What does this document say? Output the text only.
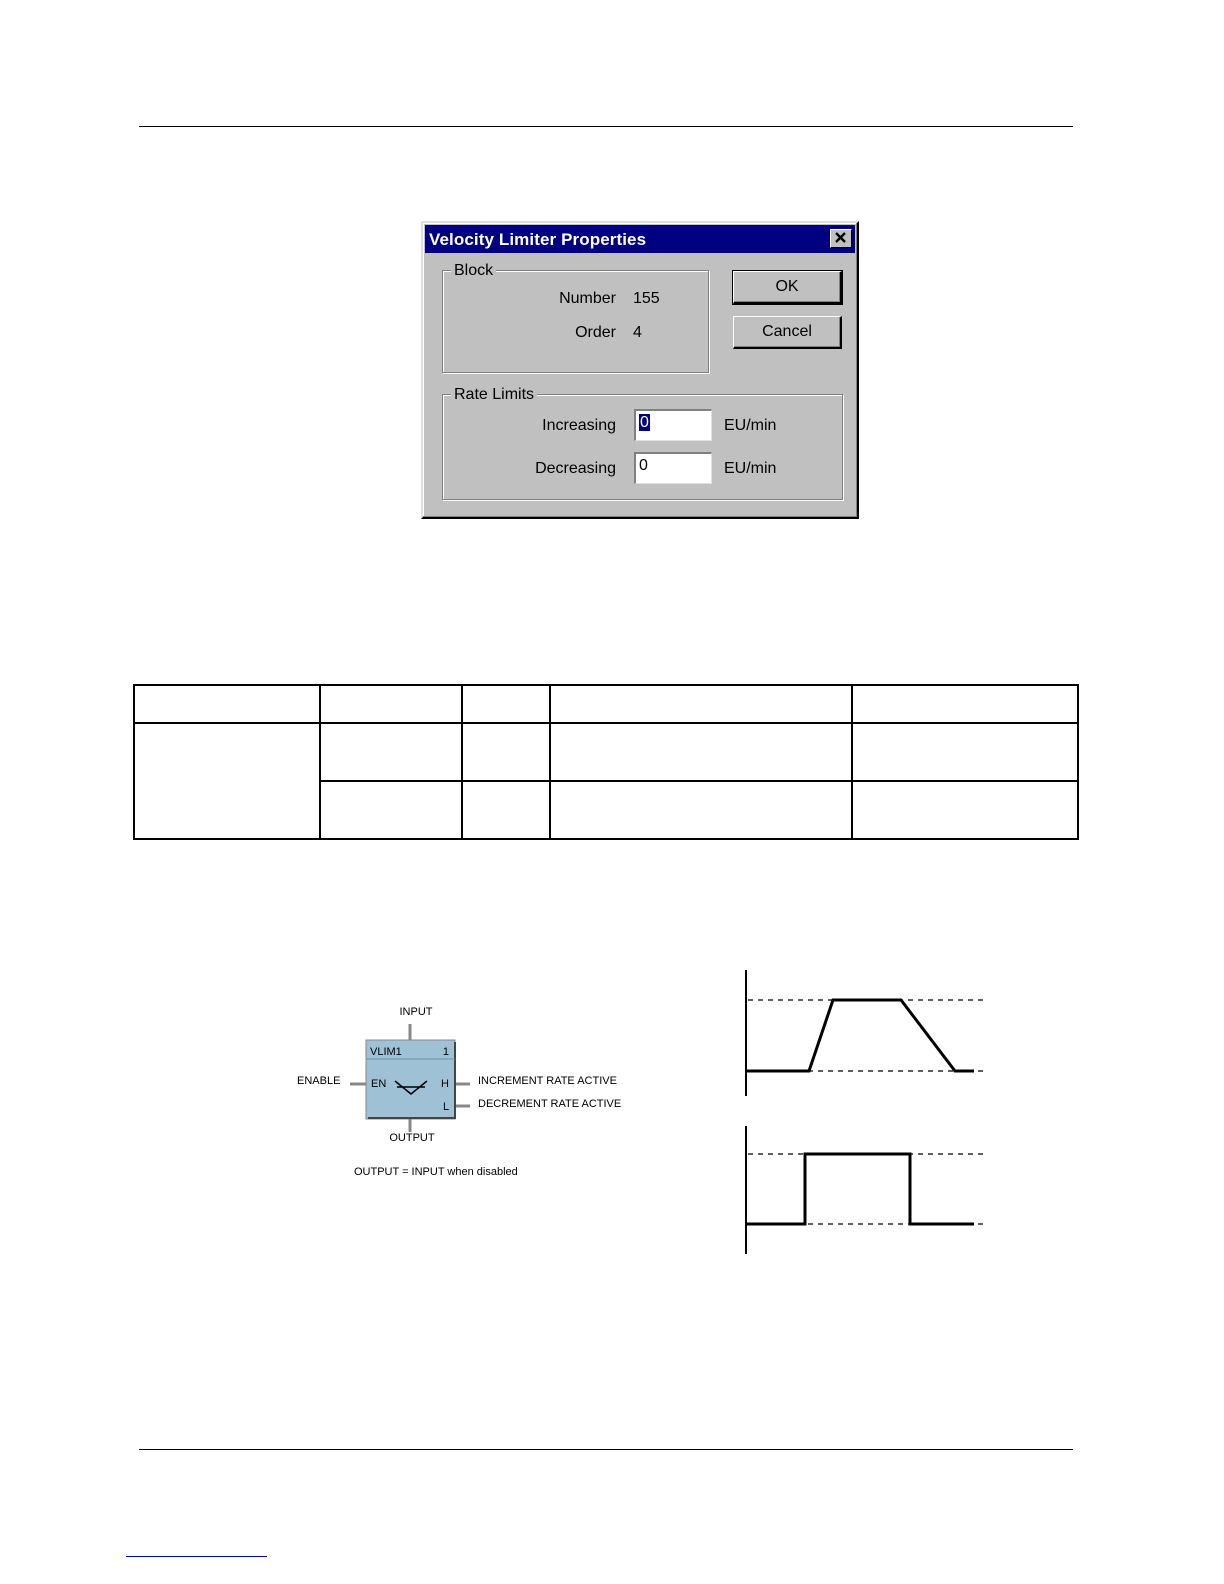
Velocity Limiter Properties
Block
Number 155
Order 4
OK
Cancel
Rate Limits
Increasing	0	EU/min
Decreasing	0	EU/min

INPUT
VLIM1	1
ENABLE	EN	H
L
INCREMENT RATE ACTIVE
DECREMENT RATE ACTIVE
OUTPUT
OUTPUT = INPUT when disabled
